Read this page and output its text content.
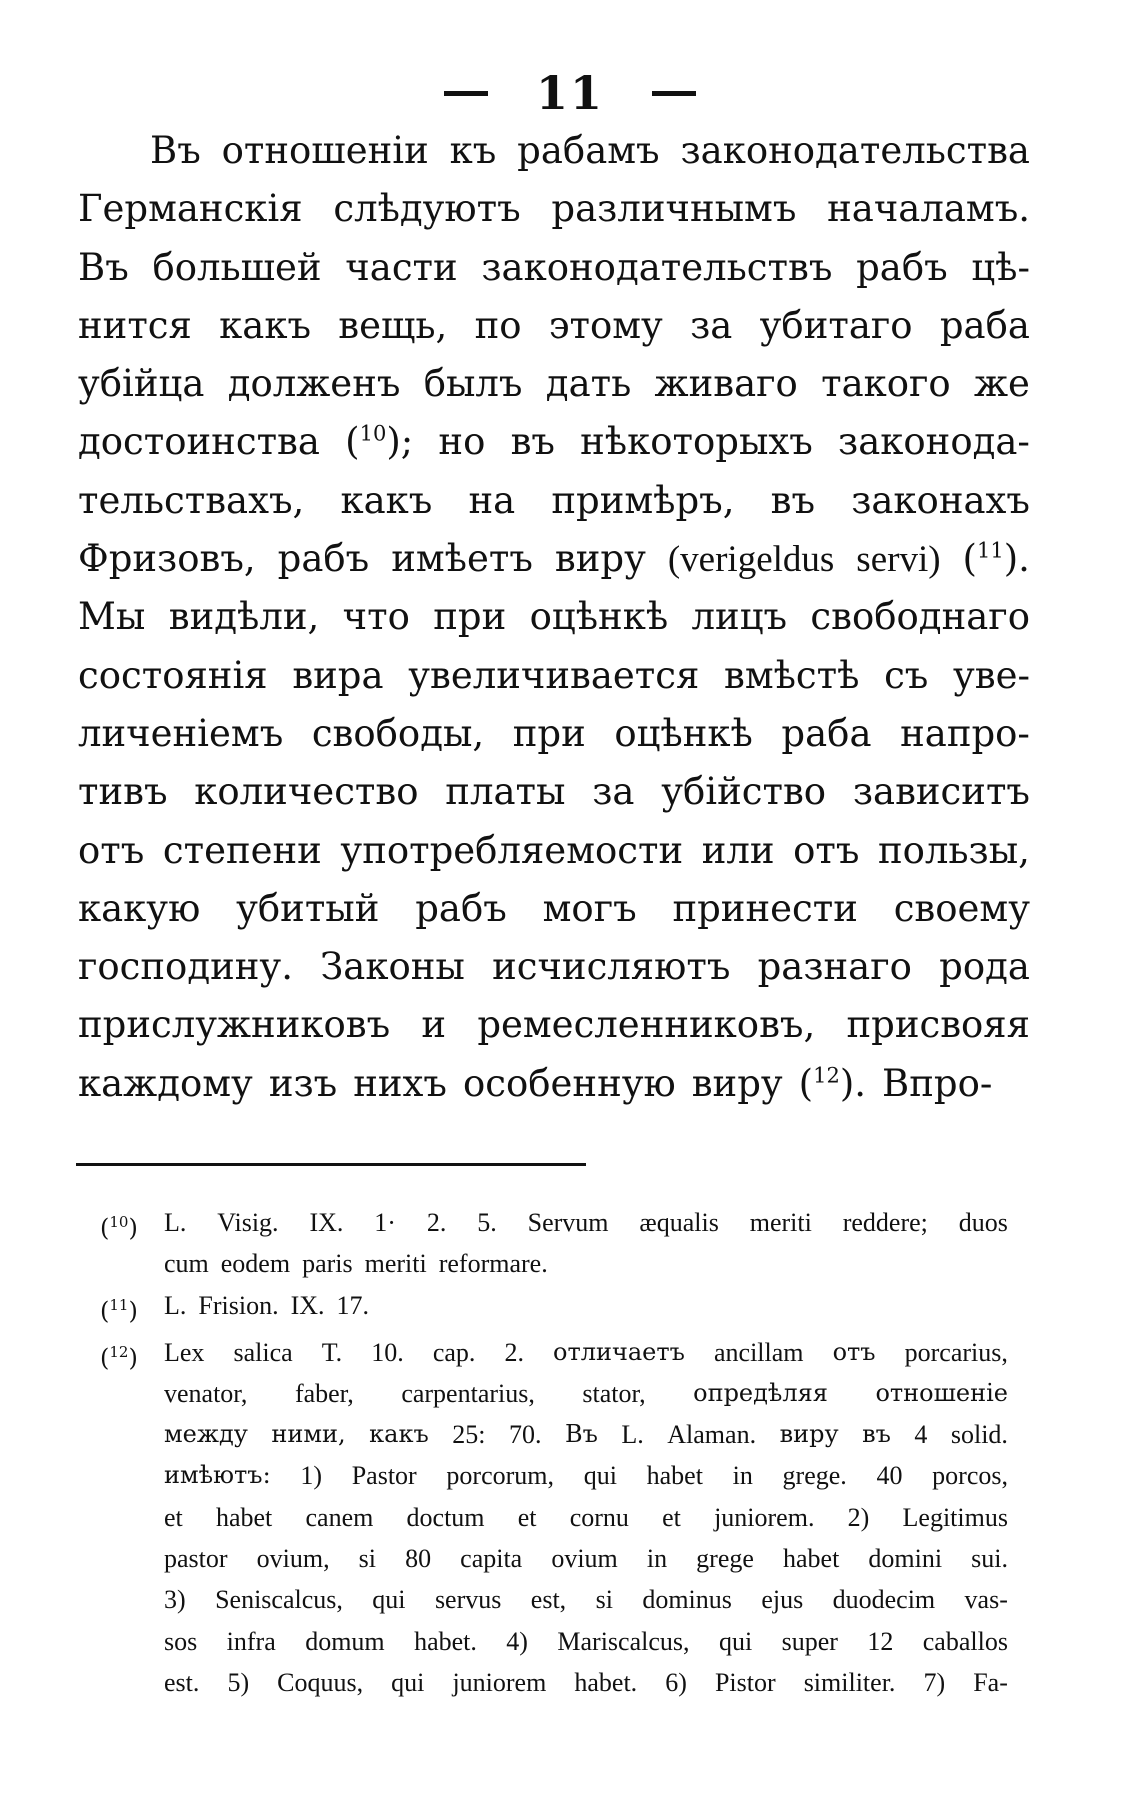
11
Въ отношеніи къ рабамъ законодательства
Германскія слѣдуютъ различнымъ началамъ.
Въ большей части законодательствъ рабъ цѣ-
нится какъ вещь, по этому за убитаго раба
убійца долженъ былъ дать живаго такого же
достоинства ($^{10}$); но въ нѣкоторыхъ законода-
тельствахъ, какъ на примѣръ, въ законахъ
Фризовъ, рабъ имѣетъ виру (verigeldus servi) ($^{11}$).
Мы видѣли, что при оцѣнкѣ лицъ свободнаго
состоянія вира увеличивается вмѣстѣ съ уве-
личеніемъ свободы, при оцѣнкѣ раба напро-
тивъ количество платы за убійство зависитъ
отъ степени употребляемости или отъ пользы,
какую убитый рабъ могъ принести своему
господину. Законы исчисляютъ разнаго рода
прислужниковъ и ремесленниковъ, присвояя
каждому изъ нихъ особенную виру ($^{12}$). Впро-
($^{10}$)	L. Visig. IX. 1· 2. 5. Servum æqualis meriti reddere; duos
cum eodem paris meriti reformare.
($^{11}$)	L. Frision. IX. 17.
($^{12}$)	Lex salica T. 10. cap. 2. отличаетъ ancillam отъ porcarius,
venator, faber, carpentarius, stator, опредѣляя отношеніе
между ними, какъ 25: 70. Въ L. Alaman. виру въ 4 solid.
имѣютъ: 1) Pastor porcorum, qui habet in grege. 40 porcos,
et habet canem doctum et cornu et juniorem. 2) Legitimus
pastor ovium, si 80 capita ovium in grege habet domini sui.
3) Seniscalcus, qui servus est, si dominus ejus duodecim vas-
sos infra domum habet. 4) Mariscalcus, qui super 12 caballos
est. 5) Coquus, qui juniorem habet. 6) Pistor similiter. 7) Fa-
